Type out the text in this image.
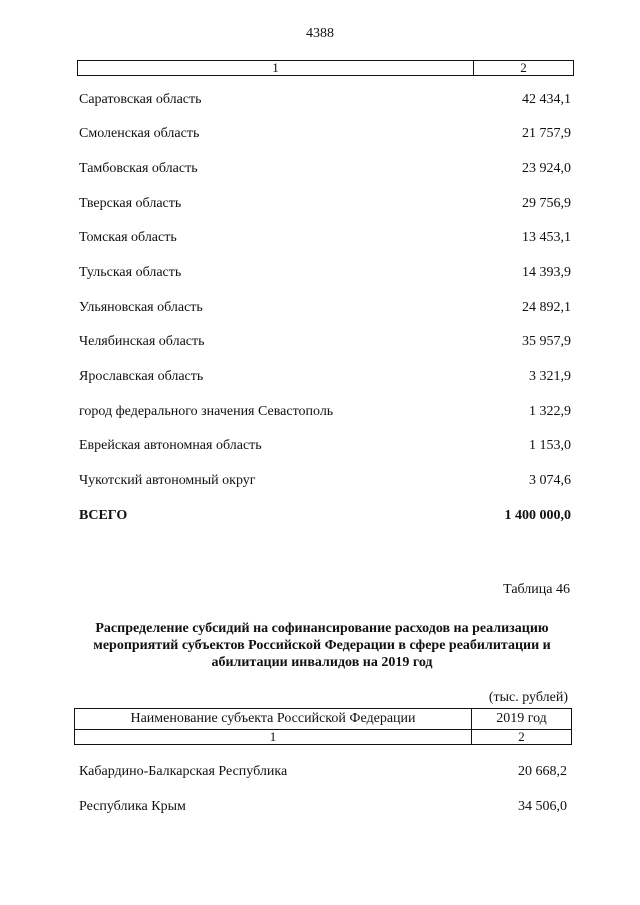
4388
1	2
Саратовская область	42 434,1
Смоленская область	21 757,9
Тамбовская область	23 924,0
Тверская область	29 756,9
Томская область	13 453,1
Тульская область	14 393,9
Ульяновская область	24 892,1
Челябинская область	35 957,9
Ярославская область	3 321,9
город федерального значения Севастополь	1 322,9
Еврейская автономная область	1 153,0
Чукотский автономный округ	3 074,6
ВСЕГО	1 400 000,0
Таблица 46
Распределение субсидий на софинансирование расходов на реализацию
мероприятий субъектов Российской Федерации в сфере реабилитации и
абилитации инвалидов на 2019 год
(тыс. рублей)
Наименование субъекта Российской Федерации	2019 год
1	2
Кабардино-Балкарская Республика	20 668,2
Республика Крым	34 506,0
